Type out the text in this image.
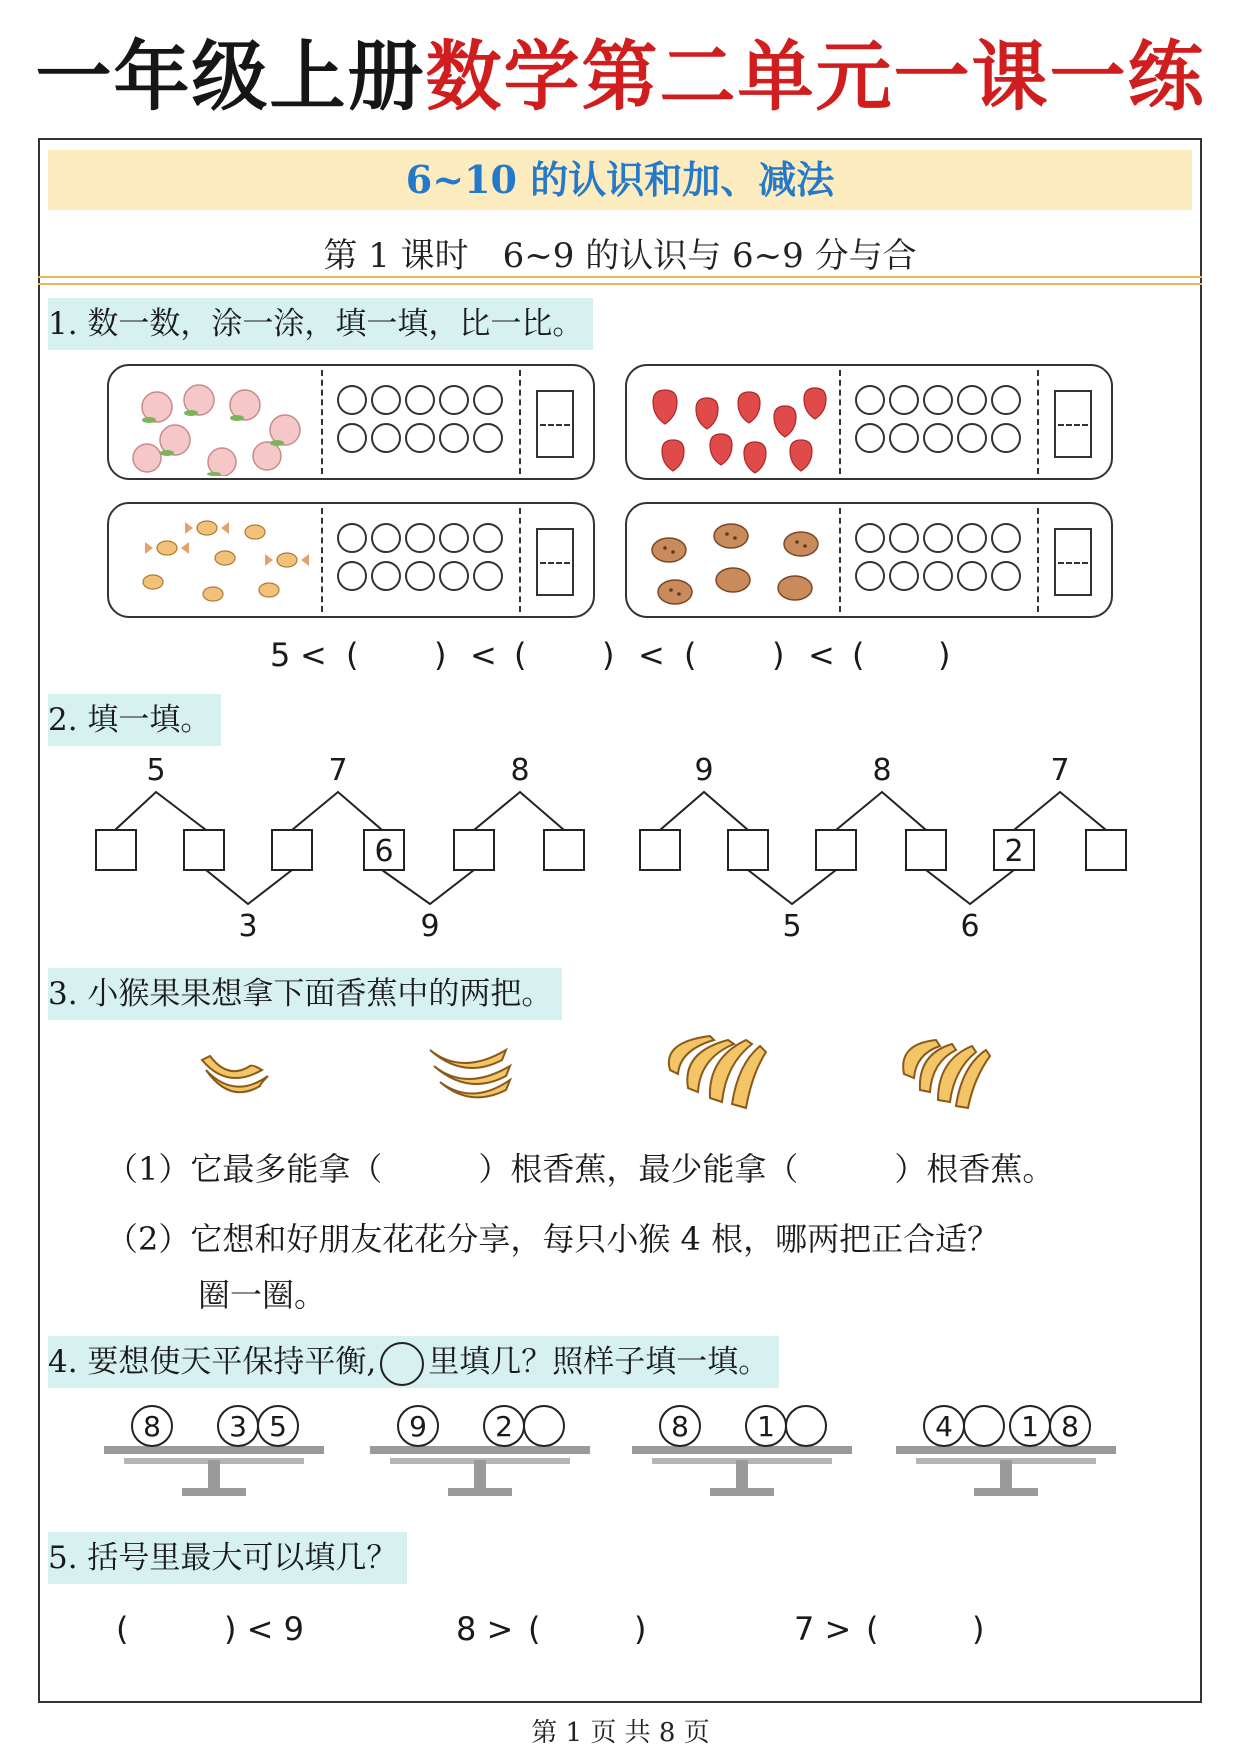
一年级上册数学第二单元一课一练
6~10 的认识和加、减法
第 1 课时　6~9 的认识与 6~9 分与合
1. 数一数，涂一涂，填一填，比一比。
5 < ( ) < ( ) < ( ) < ( )
2. 填一填。
5	7	8
3	9
6
9	8	7
5	6
2
3. 小猴果果想拿下面香蕉中的两把。
（1）它最多能拿（　　　）根香蕉，最少能拿（　　　）根香蕉。
（2）它想和好朋友花花分享，每只小猴 4 根，哪两把正合适？
圈一圈。
4. 要想使天平保持平衡, 里填几？照样子填一填。
8 3 5	9 2	8 1	4 1 8
5. 括号里最大可以填几？
(	) < 9	8 > (	)	7 > (	)
第 1 页 共 8 页
